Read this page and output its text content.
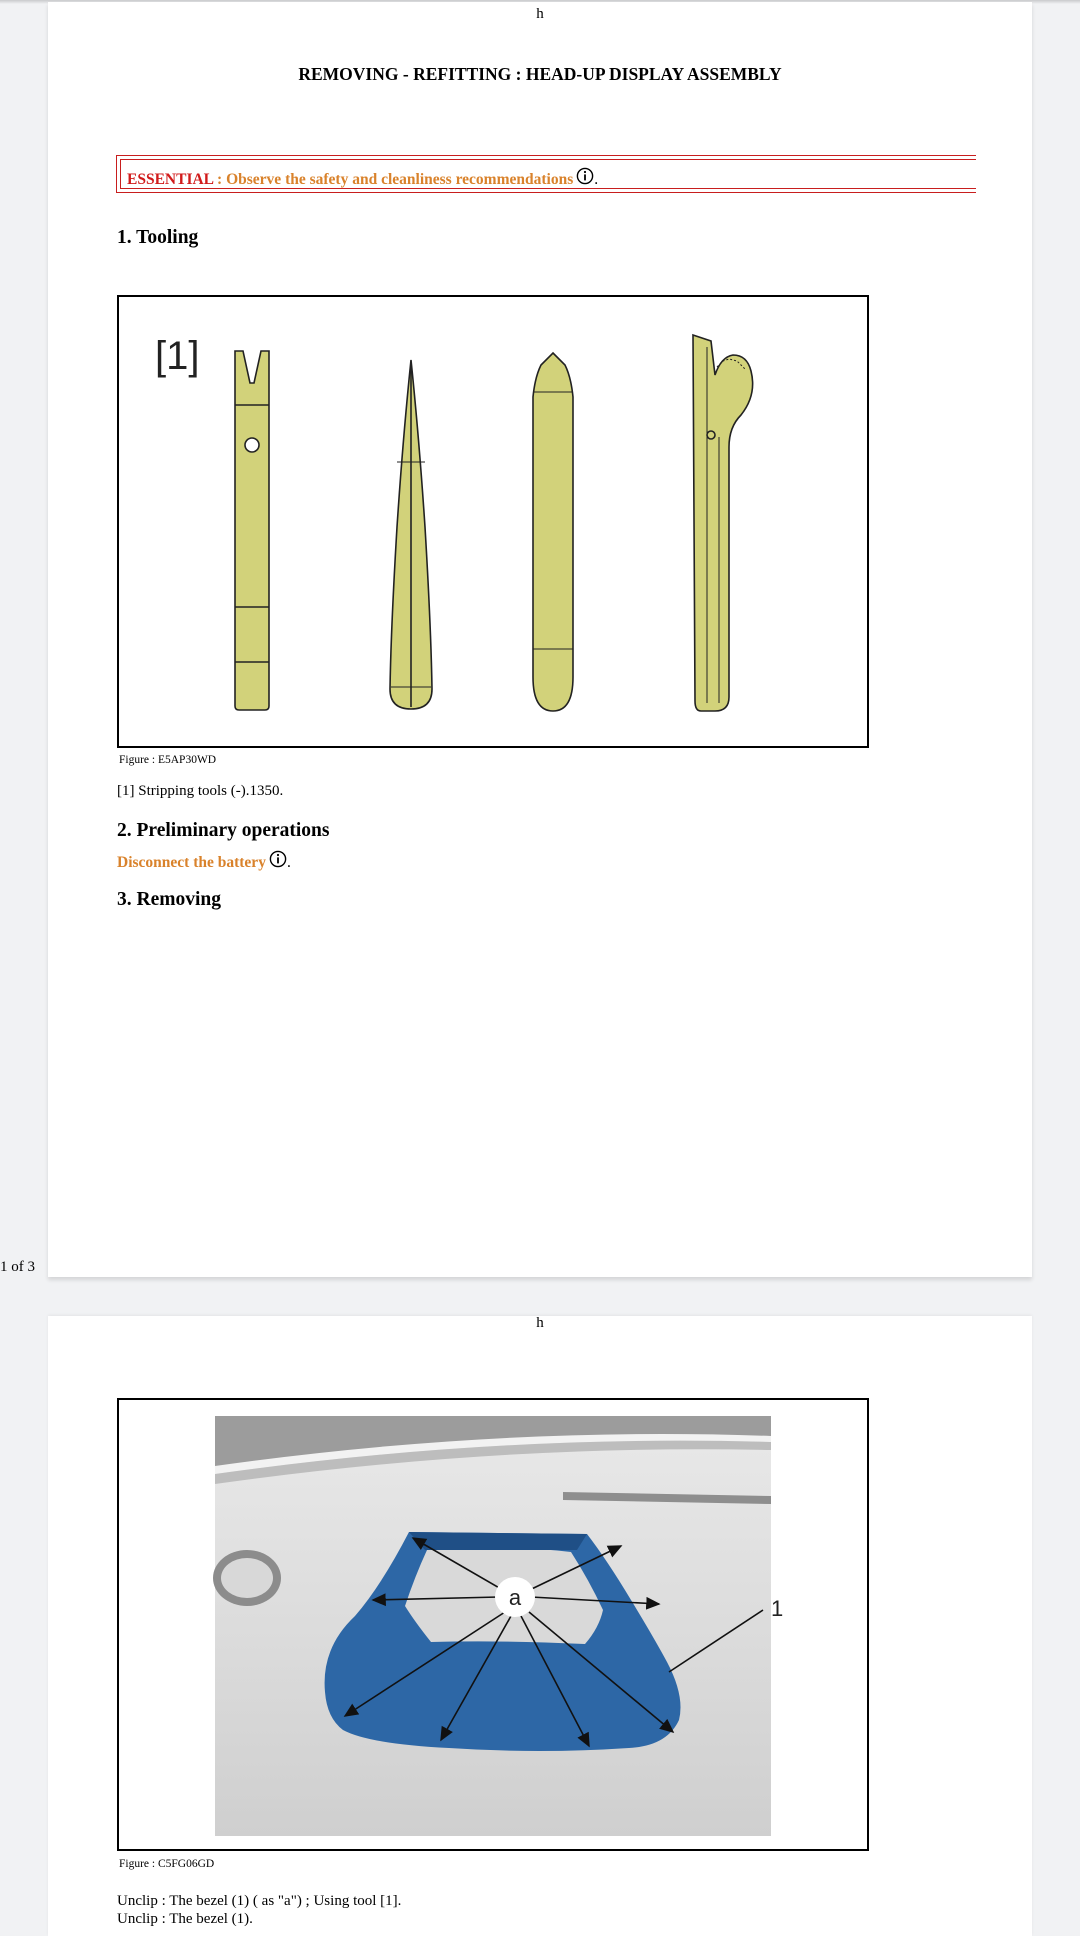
h
REMOVING - REFITTING : HEAD-UP DISPLAY ASSEMBLY
ESSENTIAL : Observe the safety and cleanliness recommendations .
1. Tooling
[1]
Figure : E5AP30WD
[1] Stripping tools (-).1350.
2. Preliminary operations
Disconnect the battery .
3. Removing
1 of 3
h
a	1
Figure : C5FG06GD
Unclip : The bezel (1) ( as "a") ; Using tool [1].
Unclip : The bezel (1).
